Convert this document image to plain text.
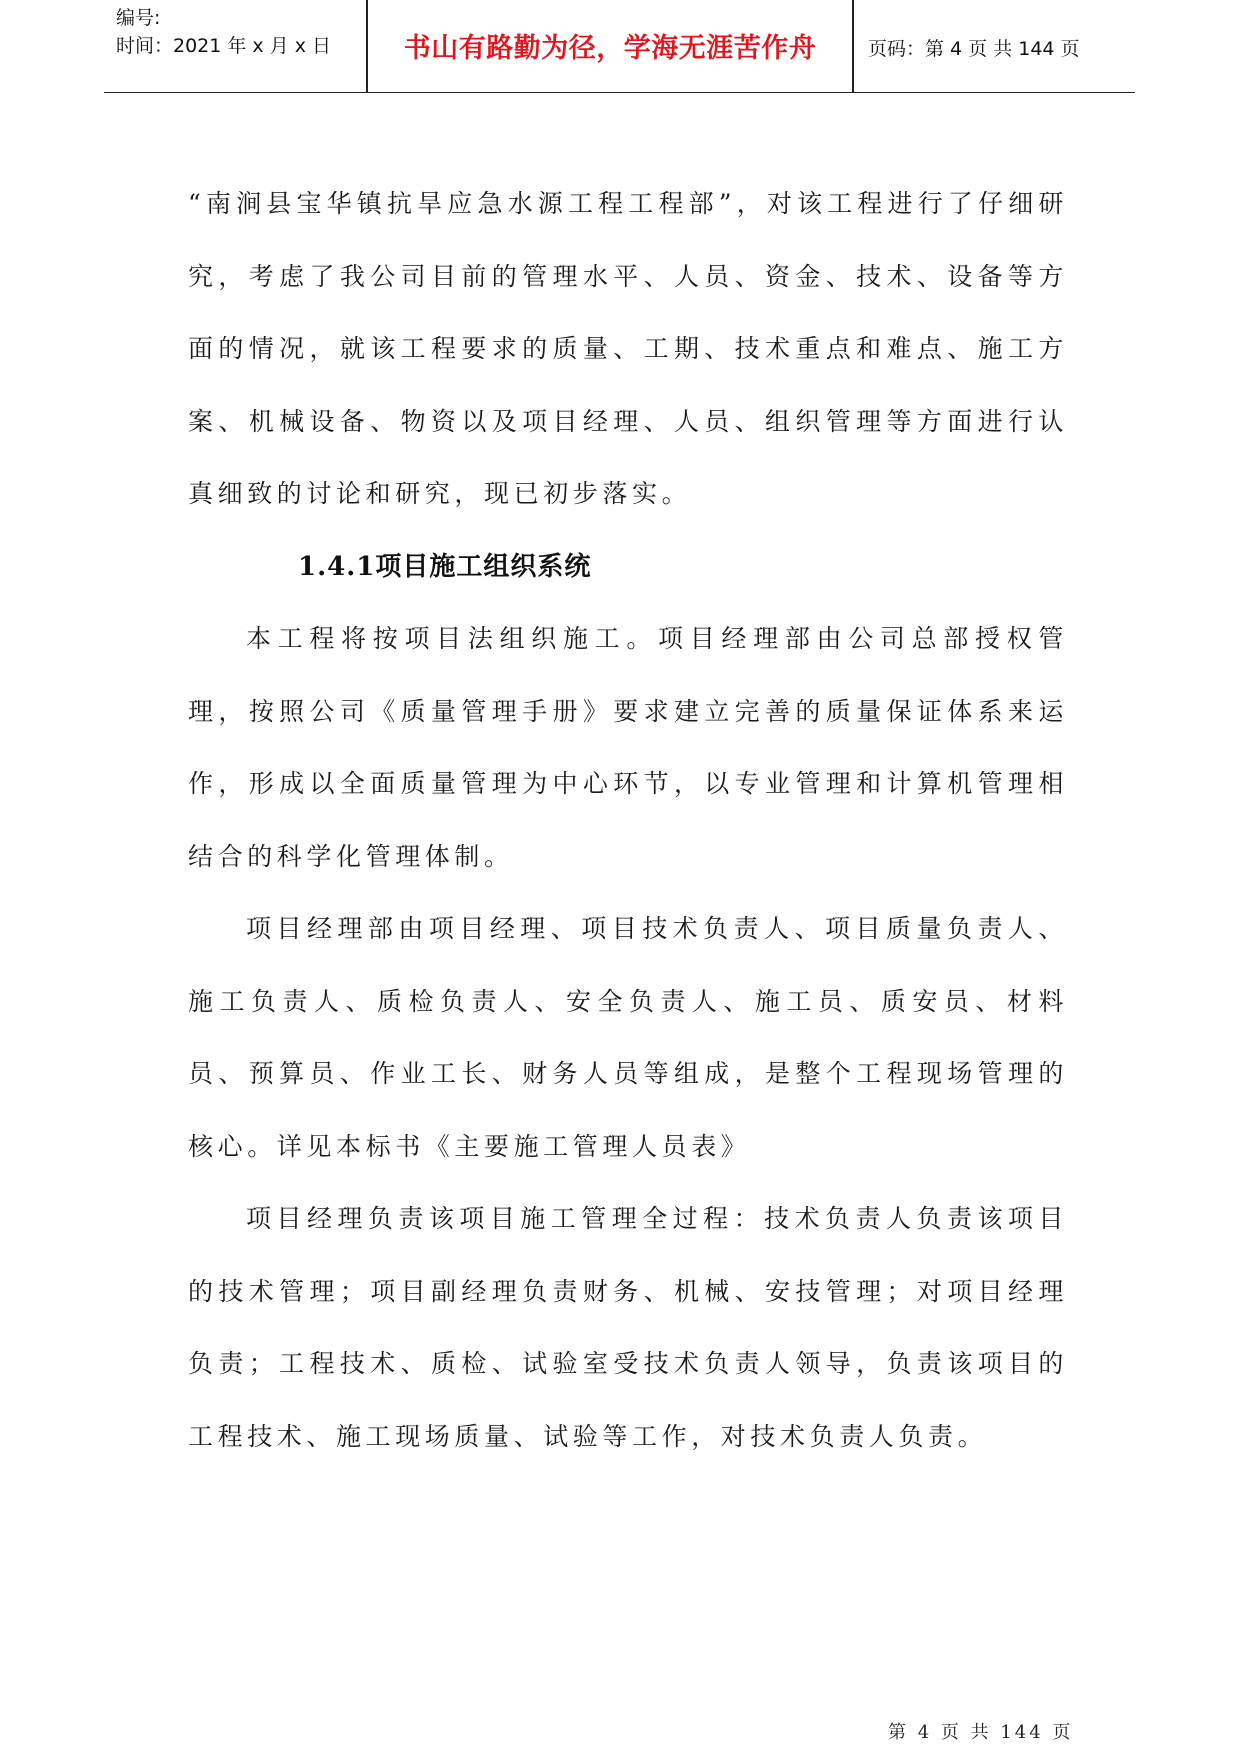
编号:
时间：2021 年 x 月 x 日	书山有路勤为径，学海无涯苦作舟	页码：第 4 页 共 144 页

“南涧县宝华镇抗旱应急水源工程工程部”，对该工程进行了仔细研究，考虑了我公司目前的管理水平、人员、资金、技术、设备等方面的情况，就该工程要求的质量、工期、技术重点和难点、施工方案、机械设备、物资以及项目经理、人员、组织管理等方面进行认真细致的讨论和研究，现已初步落实。

1.4.1项目施工组织系统

本工程将按项目法组织施工。项目经理部由公司总部授权管理，按照公司《质量管理手册》要求建立完善的质量保证体系来运作，形成以全面质量管理为中心环节，以专业管理和计算机管理相结合的科学化管理体制。

项目经理部由项目经理、项目技术负责人、项目质量负责人、施工负责人、质检负责人、安全负责人、施工员、质安员、材料员、预算员、作业工长、财务人员等组成，是整个工程现场管理的核心。详见本标书《主要施工管理人员表》

项目经理负责该项目施工管理全过程：技术负责人负责该项目的技术管理；项目副经理负责财务、机械、安技管理；对项目经理负责；工程技术、质检、试验室受技术负责人领导，负责该项目的工程技术、施工现场质量、试验等工作，对技术负责人负责。

第 4 页 共 144 页
